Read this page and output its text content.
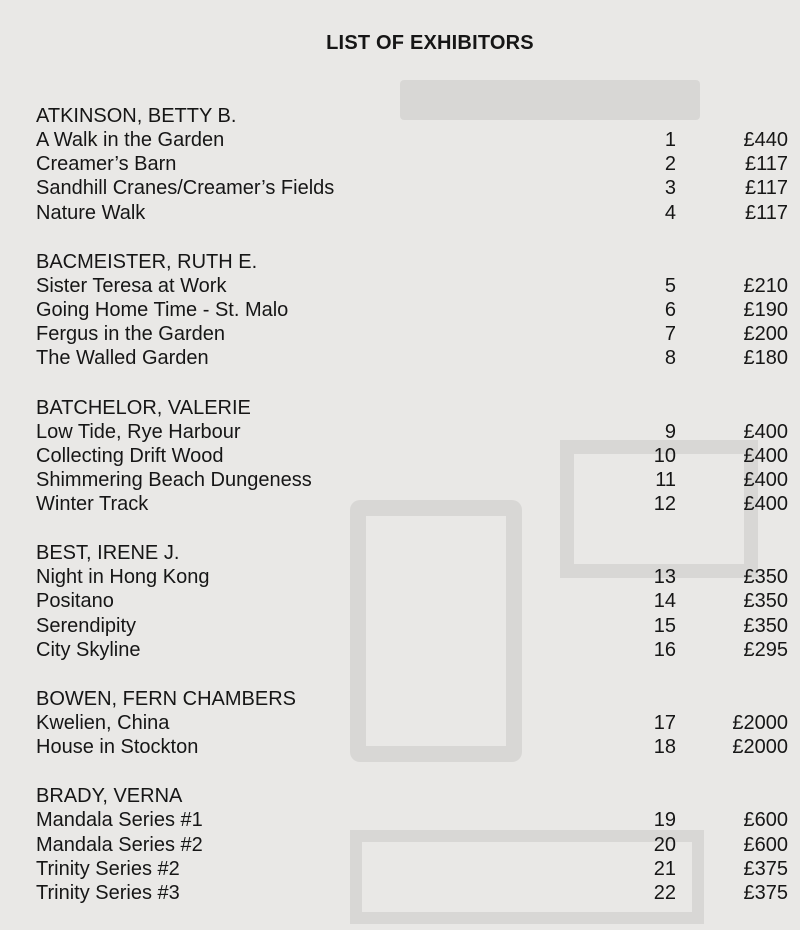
LIST OF EXHIBITORS
ATKINSON, BETTY B.
A Walk in the Garden	1	£440
Creamer’s Barn	2	£117
Sandhill Cranes/Creamer’s Fields	3	£117
Nature Walk	4	£117
BACMEISTER, RUTH E.
Sister Teresa at Work	5	£210
Going Home Time - St. Malo	6	£190
Fergus in the Garden	7	£200
The Walled Garden	8	£180
BATCHELOR, VALERIE
Low Tide, Rye Harbour	9	£400
Collecting Drift Wood	10	£400
Shimmering Beach Dungeness	11	£400
Winter Track	12	£400
BEST, IRENE J.
Night in Hong Kong	13	£350
Positano	14	£350
Serendipity	15	£350
City Skyline	16	£295
BOWEN, FERN CHAMBERS
Kwelien, China	17	£2000
House in Stockton	18	£2000
BRADY, VERNA
Mandala Series #1	19	£600
Mandala Series #2	20	£600
Trinity Series #2	21	£375
Trinity Series #3	22	£375
